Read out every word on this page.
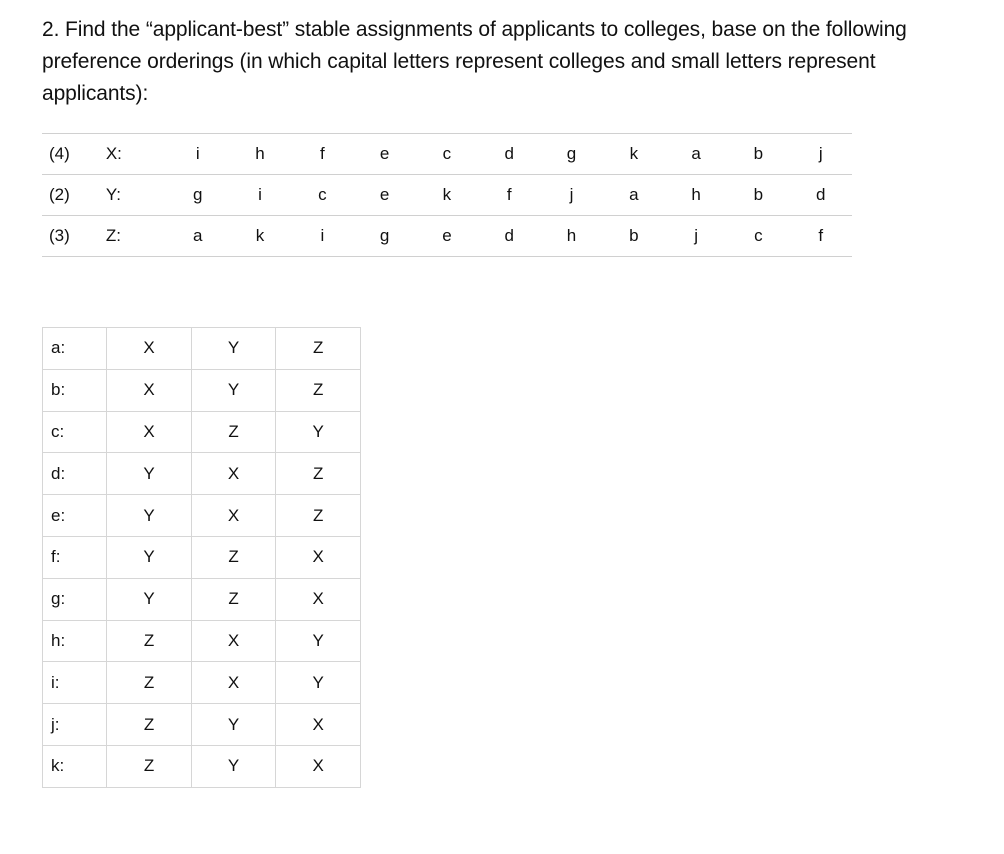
2. Find the “applicant-best” stable assignments of applicants to colleges, base on the following preference orderings (in which capital letters represent colleges and small letters represent applicants):

(4)	X:	i	h	f	e	c	d	g	k	a	b	j
(2)	Y:	g	i	c	e	k	f	j	a	h	b	d
(3)	Z:	a	k	i	g	e	d	h	b	j	c	f
a:	X	Y	Z
b:	X	Y	Z
c:	X	Z	Y
d:	Y	X	Z
e:	Y	X	Z
f:	Y	Z	X
g:	Y	Z	X
h:	Z	X	Y
i:	Z	X	Y
j:	Z	Y	X
k:	Z	Y	X
